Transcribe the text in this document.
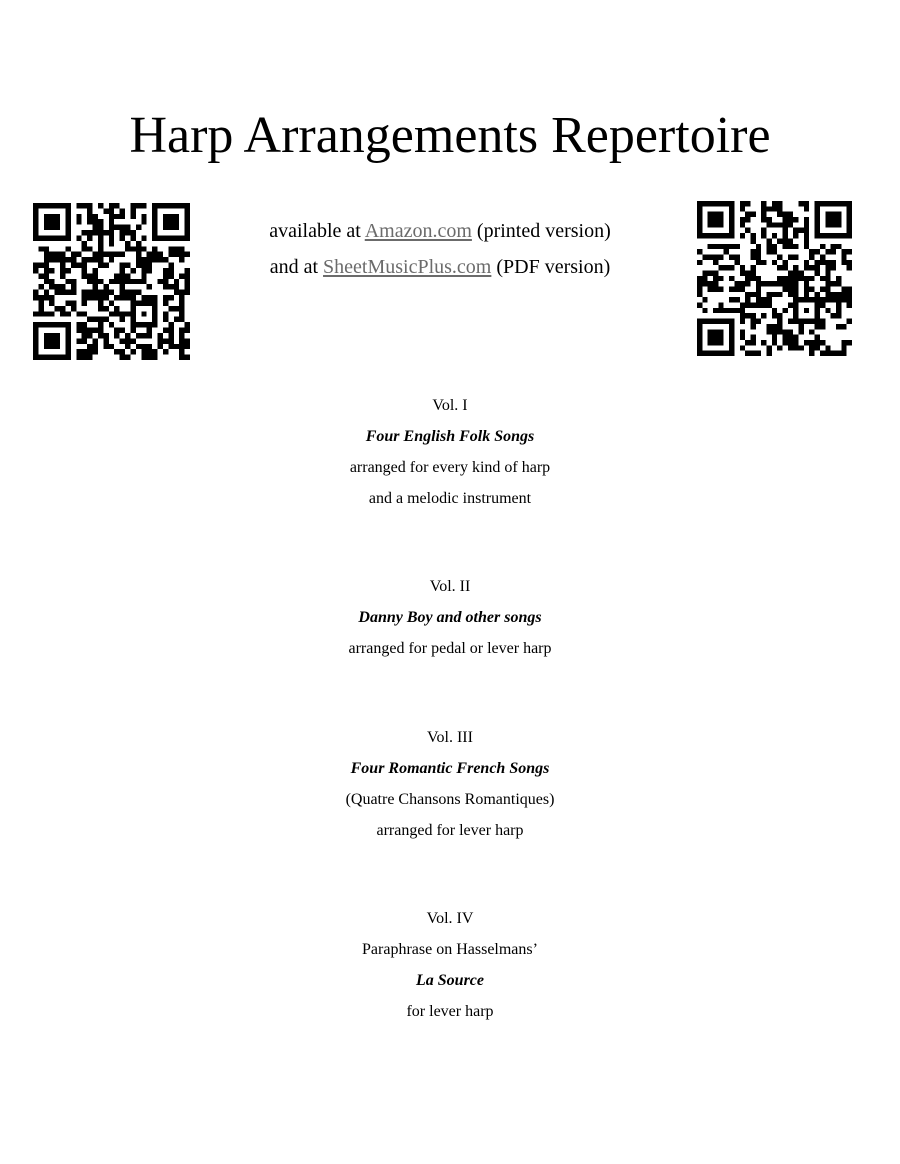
Harp Arrangements Repertoire
available at Amazon.com (printed version)
and at SheetMusicPlus.com (PDF version)
Vol. I
Four English Folk Songs
arranged for every kind of harp
and a melodic instrument
Vol. II
Danny Boy and other songs
arranged for pedal or lever harp
Vol. III
Four Romantic French Songs
(Quatre Chansons Romantiques)
arranged for lever harp
Vol. IV
Paraphrase on Hasselmans’
La Source
for lever harp
